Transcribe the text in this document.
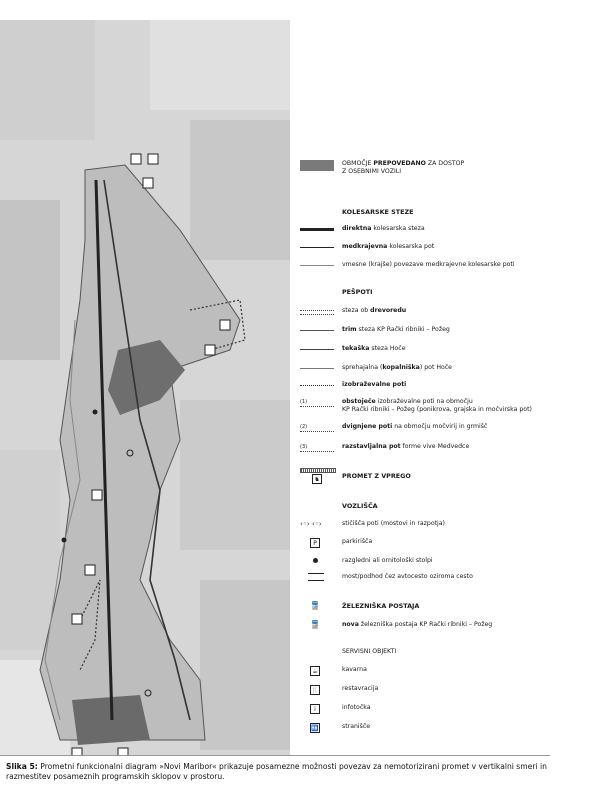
OBMOČJE PREPOVEDANO ZA DOSTOP
Z OSEBNIMI VOZILI
KOLESARSKE STEZE
direktna kolesarska steza
medkrajevna kolesarska pot
vmesne (krajše) povezave medkrajevne kolesarske poti
PEŠPOTI
steza ob drevoredu
trim steza KP Rački ribniki – Požeg
tekaška steza Hoče
sprehajalna (kopalniška) pot Hoče
izobraževalne poti
(1)	obstoječe izobraževalne poti na območju
KP Rački ribniki – Požeg (ponikrova, grajska in močvirska pot)
(2)	dvignjene poti na območju močvirij in grmišč
(3)	razstavljalna pot forme vive Medvedce
♞	PROMET Z VPREGO
VOZLIŠČA
‹◦› ‹◦›	stičišča poti (mostovi in razpotja)
P	parkirišča
razgledni ali ornitološki stolpi
most/podhod čez avtocesto oziroma cesto
🚆	ŽELEZNIŠKA POSTAJA
🚆	nova železniška postaja KP Rački ribniki – Požeg
SERVISNI OBJEKTI
☕	kavarna
🍴	restavracija
i	infotočka
🚻	stranišče
Slika 5: Prometni funkcionalni diagram »Novi Maribor« prikazuje posamezne možnosti povezav za nemotorizirani promet v vertikalni smeri in razmestitev posameznih programskih sklopov v prostoru.
